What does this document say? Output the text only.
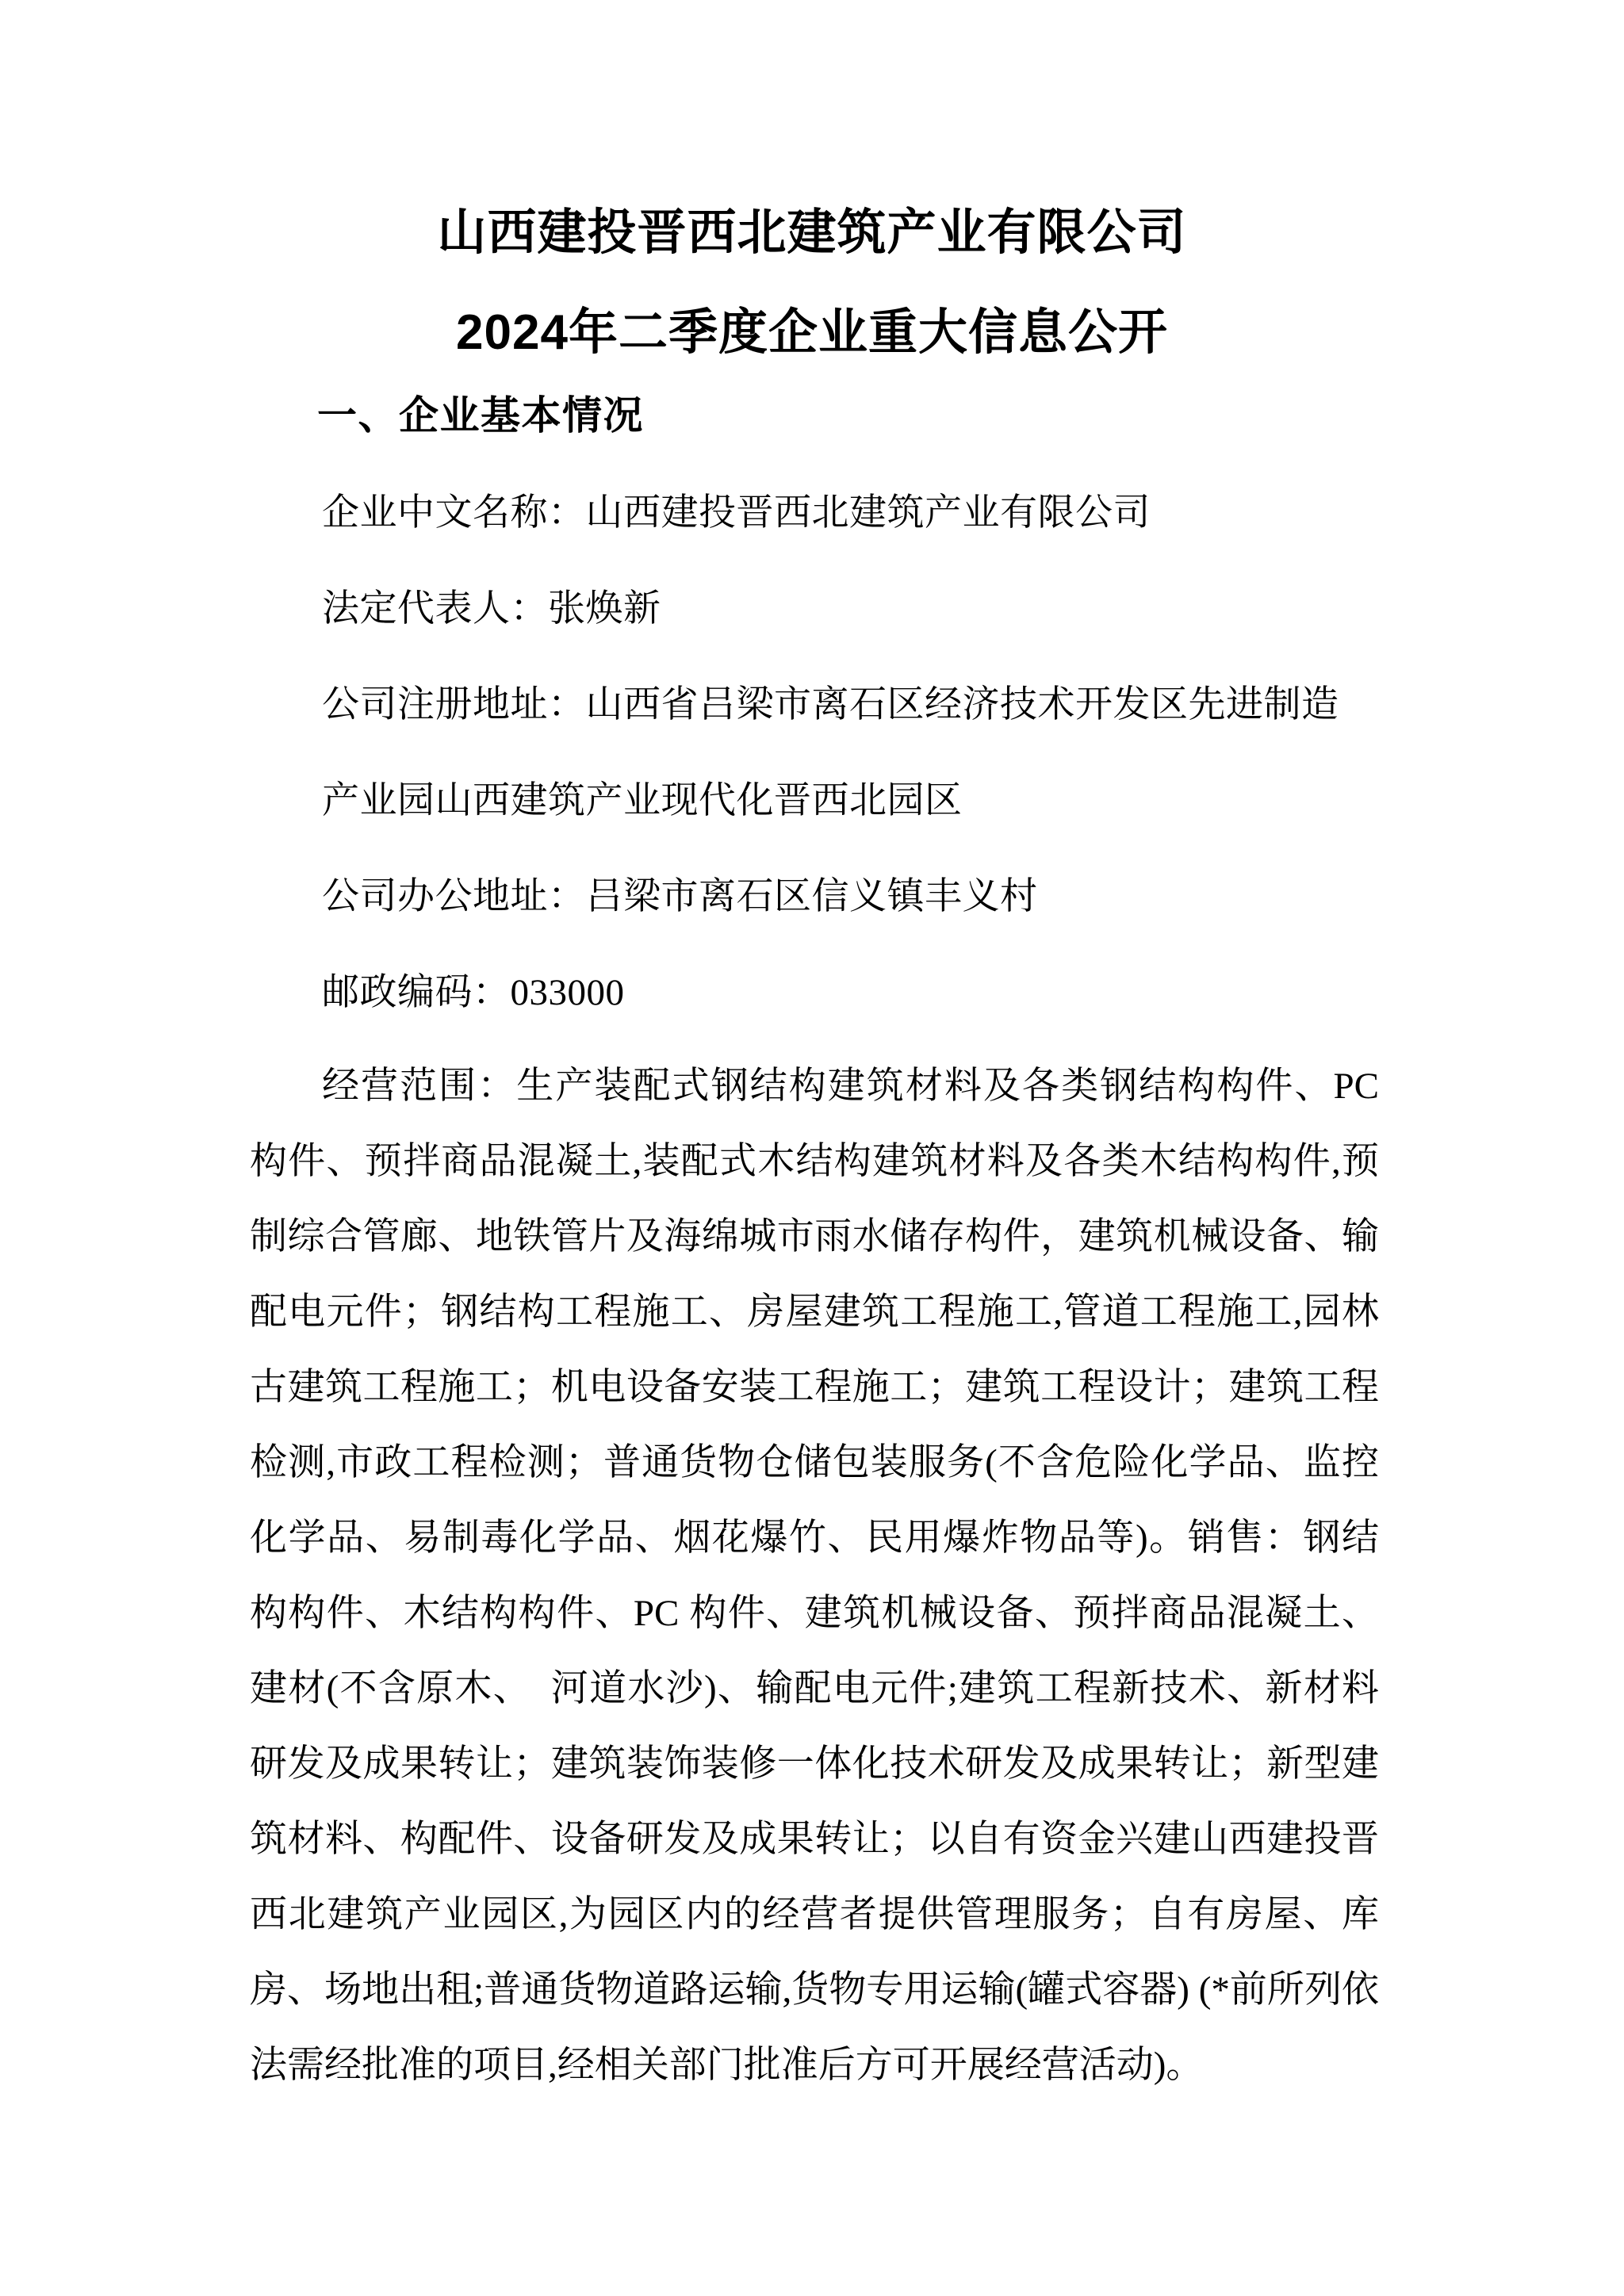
山西建投晋西北建筑产业有限公司
2024年二季度企业重大信息公开
一、企业基本情况
企业中文名称：山西建投晋西北建筑产业有限公司
法定代表人：张焕新
公司注册地址：山西省吕梁市离石区经济技术开发区先进制造
产业园山西建筑产业现代化晋西北园区
公司办公地址：吕梁市离石区信义镇丰义村
邮政编码：033000

经营范围：生产装配式钢结构建筑材料及各类钢结构构件、PC 构件、预拌商品混凝土,装配式木结构建筑材料及各类木结构构件,预制综合管廊、地铁管片及海绵城市雨水储存构件，建筑机械设备、输配电元件；钢结构工程施工、房屋建筑工程施工,管道工程施工,园林古建筑工程施工；机电设备安装工程施工；建筑工程设计；建筑工程检测,市政工程检测；普通货物仓储包装服务(不含危险化学品、监控化学品、易制毒化学品、烟花爆竹、民用爆炸物品等)。销售：钢结构构件、木结构构件、PC 构件、建筑机械设备、预拌商品混凝土、建材(不含原木、　河道水沙)、输配电元件;建筑工程新技术、新材料研发及成果转让；建筑装饰装修一体化技术研发及成果转让；新型建筑材料、构配件、设备研发及成果转让；以自有资金兴建山西建投晋西北建筑产业园区,为园区内的经营者提供管理服务；自有房屋、库房、场地出租;普通货物道路运输,货物专用运输(罐式容器) (*前所列依法需经批准的项目,经相关部门批准后方可开展经营活动)。
